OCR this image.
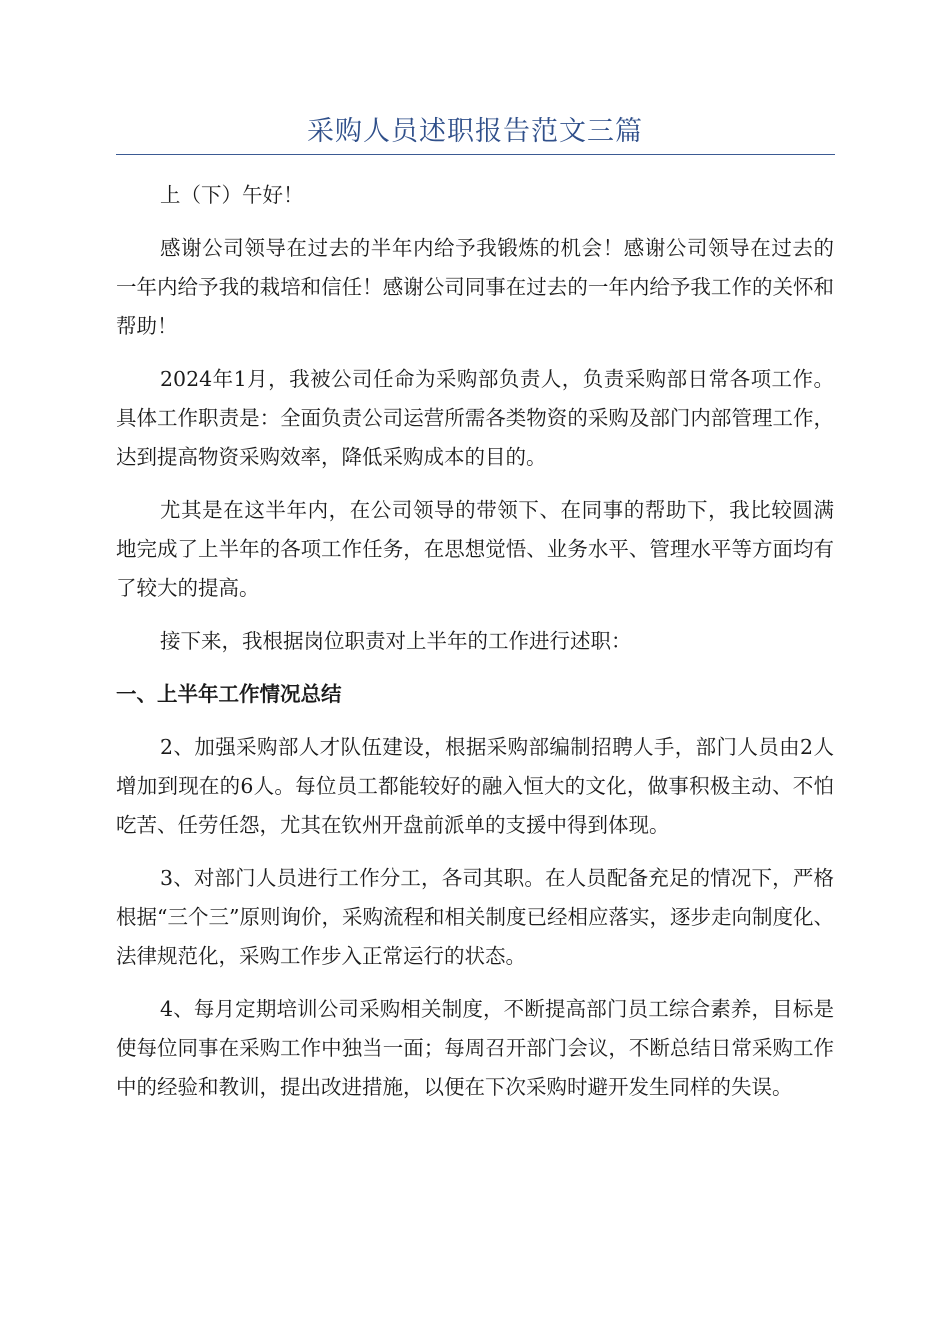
采购人员述职报告范文三篇

上（下）午好！

感谢公司领导在过去的半年内给予我锻炼的机会！感谢公司领导在过去的一年内给予我的栽培和信任！感谢公司同事在过去的一年内给予我工作的关怀和帮助！

2024年1月，我被公司任命为采购部负责人，负责采购部日常各项工作。具体工作职责是：全面负责公司运营所需各类物资的采购及部门内部管理工作，达到提高物资采购效率，降低采购成本的目的。

尤其是在这半年内，在公司领导的带领下、在同事的帮助下，我比较圆满地完成了上半年的各项工作任务，在思想觉悟、业务水平、管理水平等方面均有了较大的提高。

接下来，我根据岗位职责对上半年的工作进行述职：

一、上半年工作情况总结

2、加强采购部人才队伍建设，根据采购部编制招聘人手，部门人员由2人增加到现在的6人。每位员工都能较好的融入恒大的文化，做事积极主动、不怕吃苦、任劳任怨，尤其在钦州开盘前派单的支援中得到体现。

3、对部门人员进行工作分工，各司其职。在人员配备充足的情况下，严格根据“三个三”原则询价，采购流程和相关制度已经相应落实，逐步走向制度化、法律规范化，采购工作步入正常运行的状态。

4、每月定期培训公司采购相关制度，不断提高部门员工综合素养，目标是使每位同事在采购工作中独当一面；每周召开部门会议，不断总结日常采购工作中的经验和教训，提出改进措施，以便在下次采购时避开发生同样的失误。
